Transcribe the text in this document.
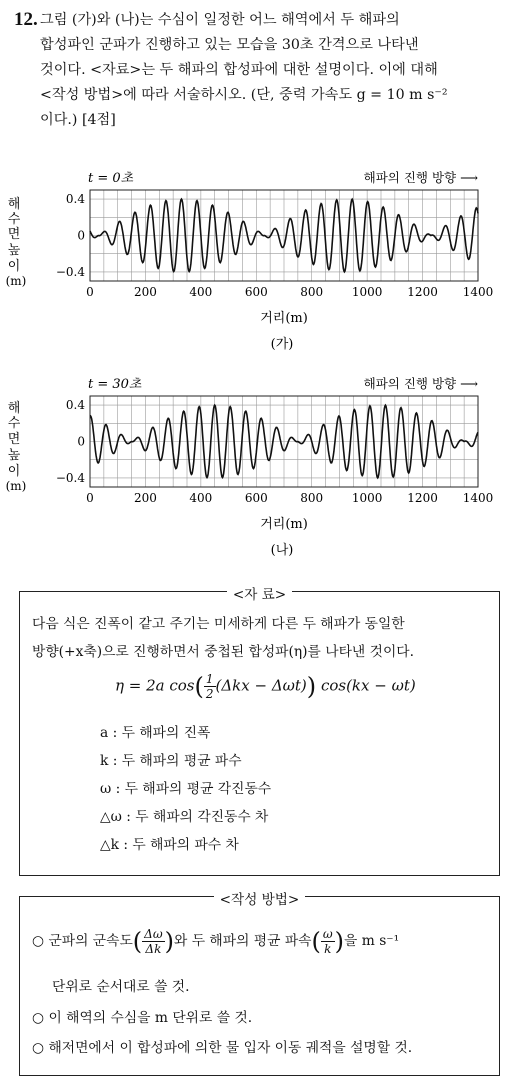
12. 그림 (가)와 (나)는 수심이 일정한 어느 해역에서 두 해파의
합성파인 군파가 진행하고 있는 모습을 30초 간격으로 나타낸
것이다. <자료>는 두 해파의 합성파에 대한 설명이다. 이에 대해
<작성 방법>에 따라 서술하시오. (단, 중력 가속도 g = 10 m s⁻²
이다.) [4점]
t = 0초	해파의 진행 방향 ⟶
해
수
면
높
이
(m)
0.4
0
−0.4
0	200	400	600	800 1000 1200 1400
거리(m)
(가)
t = 30초	해파의 진행 방향 ⟶
해
수
면
높
이
(m)
0.4
0
−0.4
0	200	400	600	800 1000 1200 1400
거리(m)
(나)
<자 료>
다음 식은 진폭이 같고 주기는 미세하게 다른 두 해파가 동일한
방향(+x축)으로 진행하면서 중첩된 합성파(η)를 나타낸 것이다.
η = 2a $\cos( \frac{1}{2} (\Delta kx - \Delta\omega t))$ cos(kx − ωt)
a : 두 해파의 진폭
k : 두 해파의 평균 파수
ω : 두 해파의 평균 각진동수
△ω : 두 해파의 각진동수 차
△k : 두 해파의 파수 차
<작성 방법>
○ 군파의 군속도( $\frac{\Delta\omega}{\Delta k}$ )와 두 해파의 평균 파속( $\frac{\omega}{k}$ )을 m s⁻¹
단위로 순서대로 쓸 것.
○ 이 해역의 수심을 m 단위로 쓸 것.
○ 해저면에서 이 합성파에 의한 물 입자 이동 궤적을 설명할 것.
